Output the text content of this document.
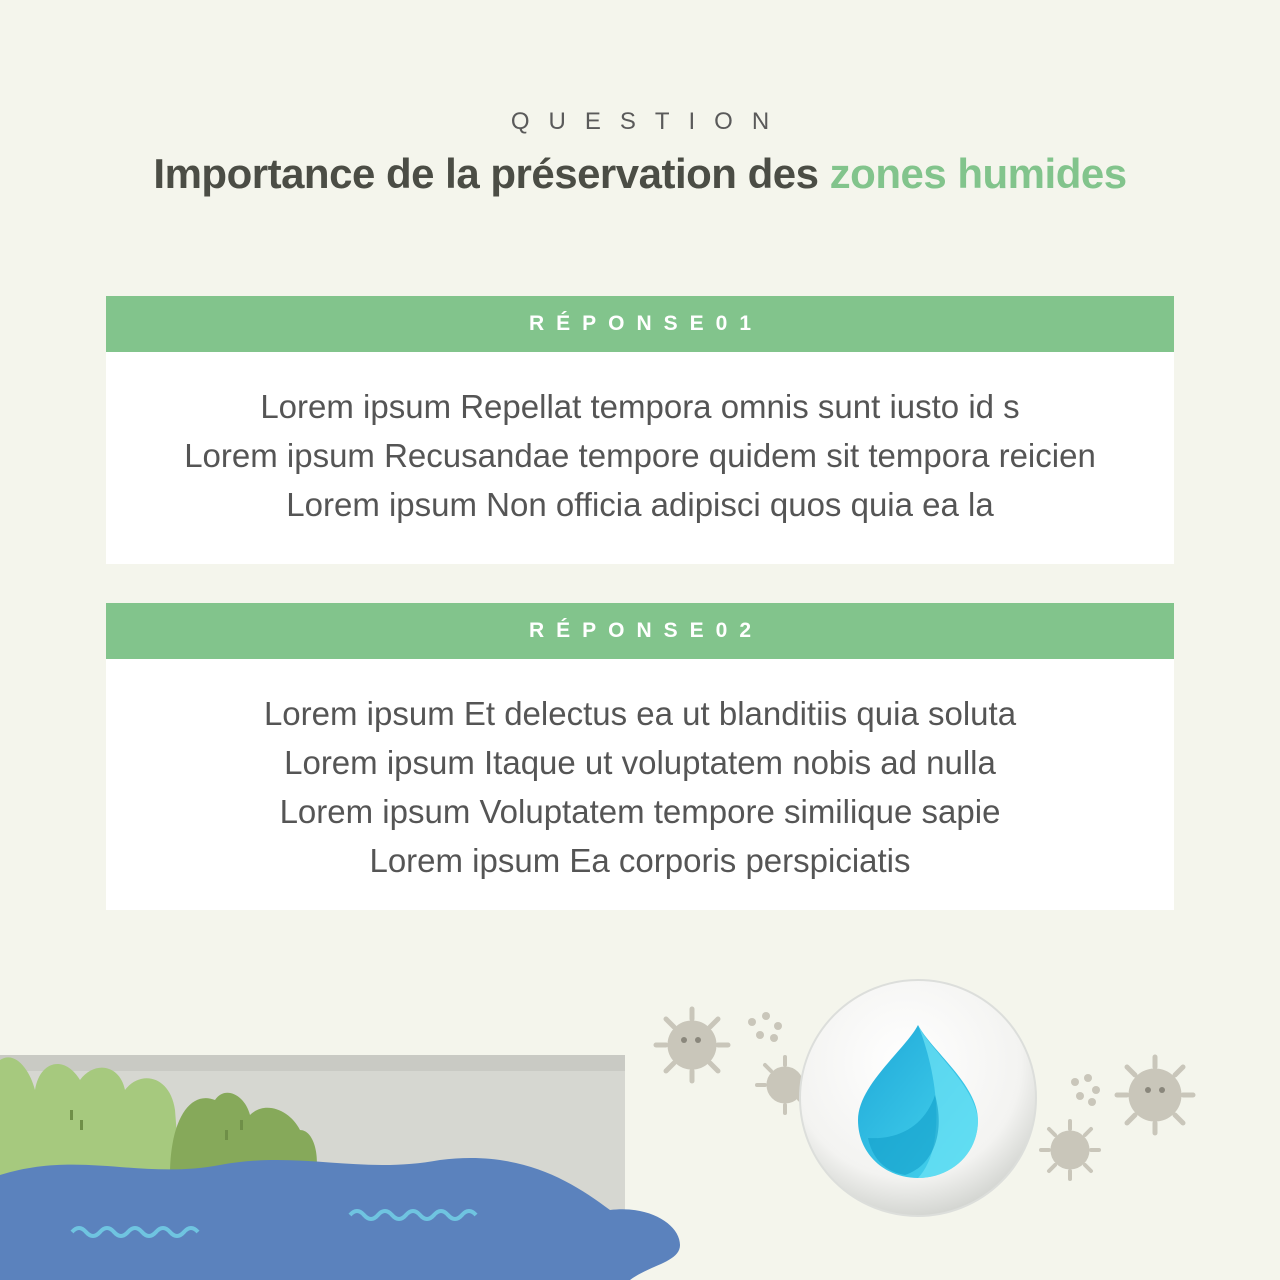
QUESTION
Importance de la préservation des zones humides
RÉPONSE01
Lorem ipsum Repellat tempora omnis sunt iusto id s
Lorem ipsum Recusandae tempore quidem sit tempora reicien
Lorem ipsum Non officia adipisci quos quia ea la
RÉPONSE02
Lorem ipsum Et delectus ea ut blanditiis quia soluta
Lorem ipsum Itaque ut voluptatem nobis ad nulla
Lorem ipsum Voluptatem tempore similique sapie
Lorem ipsum Ea corporis perspiciatis
